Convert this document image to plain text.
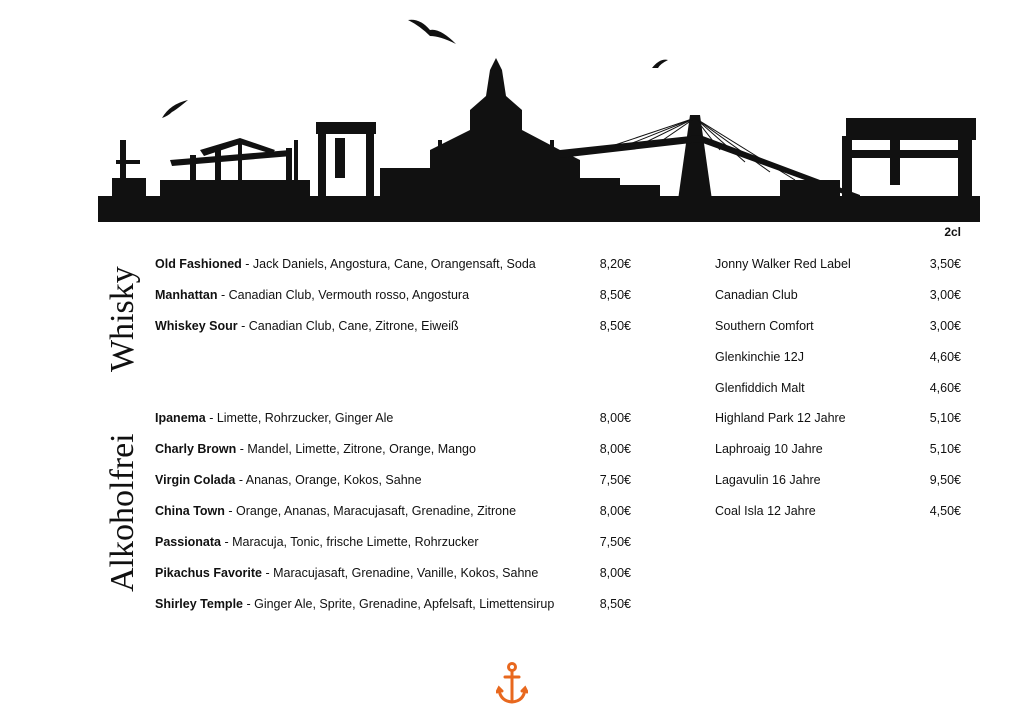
Whisky
Alkoholfrei
2cl
Old Fashioned - Jack Daniels, Angostura, Cane, Orangensaft, Soda	8,20€
Manhattan - Canadian Club, Vermouth rosso, Angostura	8,50€
Whiskey Sour - Canadian Club, Cane, Zitrone, Eiweiß	8,50€
Ipanema - Limette, Rohrzucker, Ginger Ale	8,00€
Charly Brown - Mandel, Limette, Zitrone, Orange, Mango	8,00€
Virgin Colada - Ananas, Orange, Kokos, Sahne	7,50€
China Town - Orange, Ananas, Maracujasaft, Grenadine, Zitrone	8,00€
Passionata - Maracuja, Tonic, frische Limette, Rohrzucker	7,50€
Pikachus Favorite - Maracujasaft, Grenadine, Vanille, Kokos, Sahne	8,00€
Shirley Temple - Ginger Ale, Sprite, Grenadine, Apfelsaft, Limettensirup	8,50€
Jonny Walker Red Label	3,50€
Canadian Club	3,00€
Southern Comfort	3,00€
Glenkinchie 12J	4,60€
Glenfiddich Malt	4,60€
Highland Park 12 Jahre	5,10€
Laphroaig 10 Jahre	5,10€
Lagavulin 16 Jahre	9,50€
Coal Isla 12 Jahre	4,50€
